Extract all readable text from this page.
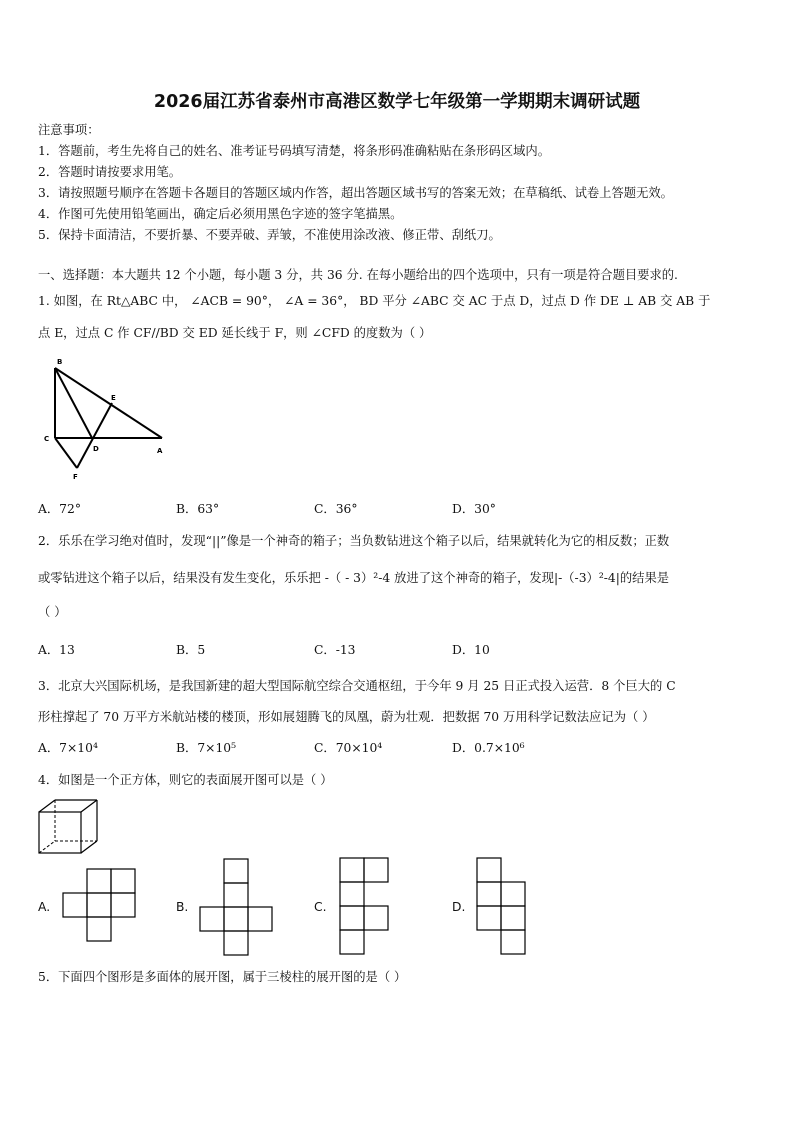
2026届江苏省泰州市高港区数学七年级第一学期期末调研试题
注意事项：
1．答题前，考生先将自己的姓名、准考证号码填写清楚，将条形码准确粘贴在条形码区域内。
2．答题时请按要求用笔。
3．请按照题号顺序在答题卡各题目的答题区域内作答，超出答题区域书写的答案无效；在草稿纸、试卷上答题无效。
4．作图可先使用铅笔画出，确定后必须用黑色字迹的签字笔描黑。
5．保持卡面清洁，不要折暴、不要弄破、弄皱，不准使用涂改液、修正带、刮纸刀。
一、选择题：本大题共 12 个小题，每小题 3 分，共 36 分. 在每小题给出的四个选项中，只有一项是符合题目要求的.
1. 如图，在 Rt△ABC 中， ∠ACB = 90°， ∠A = 36°， BD 平分 ∠ABC 交 AC 于点 D，过点 D 作 DE ⊥ AB 交 AB 于
点 E，过点 C 作 CF//BD 交 ED 延长线于 F，则 ∠CFD 的度数为（ ）
B
E
C
D	A
F
A．72°	B．63°	C．36°	D．30°
2．乐乐在学习绝对值时，发现“||”像是一个神奇的箱子；当负数钻进这个箱子以后，结果就转化为它的相反数；正数
或零钻进这个箱子以后，结果没有发生变化，乐乐把 -（ - 3）²-4 放进了这个神奇的箱子，发现|-（-3）²-4|的结果是
（ ）
A．13	B．5	C．-13	D．10
3．北京大兴国际机场，是我国新建的超大型国际航空综合交通枢纽，于今年 9 月 25 日正式投入运营．8 个巨大的 C
形柱撑起了 70 万平方米航站楼的楼顶，形如展翅腾飞的凤凰，蔚为壮观．把数据 70 万用科学记数法应记为（ ）
A．7×10⁴	B．7×10⁵	C．70×10⁴	D．0.7×10⁶
4．如图是一个正方体，则它的表面展开图可以是（ ）
A.	B.	C.	D.
5．下面四个图形是多面体的展开图，属于三棱柱的展开图的是（ ）
